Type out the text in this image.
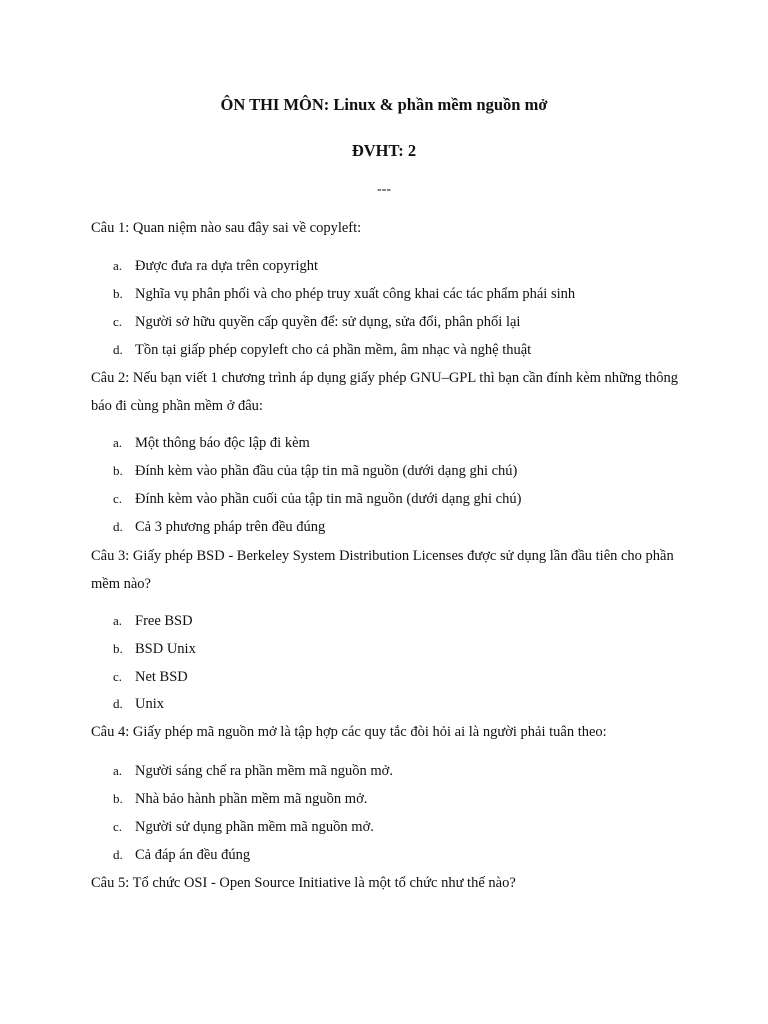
ÔN THI MÔN: Linux & phần mềm nguồn mở
ĐVHT: 2
---
Câu 1: Quan niệm nào sau đây sai về copyleft:
a. Được đưa ra dựa trên copyright
b. Nghĩa vụ phân phối và cho phép truy xuất công khai các tác phẩm phái sinh
c. Người sở hữu quyền cấp quyền để: sử dụng, sửa đổi, phân phối lại
d. Tồn tại giấp phép copyleft cho cả phần mềm, âm nhạc và nghệ thuật
Câu 2: Nếu bạn viết 1 chương trình áp dụng giấy phép GNU–GPL thì bạn cần đính kèm những thông báo đi cùng phần mềm ở đâu:
a. Một thông báo độc lập đi kèm
b. Đính kèm vào phần đầu của tập tin mã nguồn (dưới dạng ghi chú)
c. Đính kèm vào phần cuối của tập tin mã nguồn (dưới dạng ghi chú)
d. Cả 3 phương pháp trên đều đúng
Câu 3: Giấy phép BSD - Berkeley System Distribution Licenses được sử dụng lần đầu tiên cho phần mềm nào?
a. Free BSD
b. BSD Unix
c. Net BSD
d. Unix
Câu 4: Giấy phép mã nguồn mở là tập hợp các quy tắc đòi hỏi ai là người phải tuân theo:
a. Người sáng chế ra phần mềm mã nguồn mở.
b. Nhà bảo hành phần mềm mã nguồn mở.
c. Người sử dụng phần mềm mã nguồn mở.
d. Cả đáp án đều đúng
Câu 5: Tổ chức OSI - Open Source Initiative là một tổ chức như thế nào?
